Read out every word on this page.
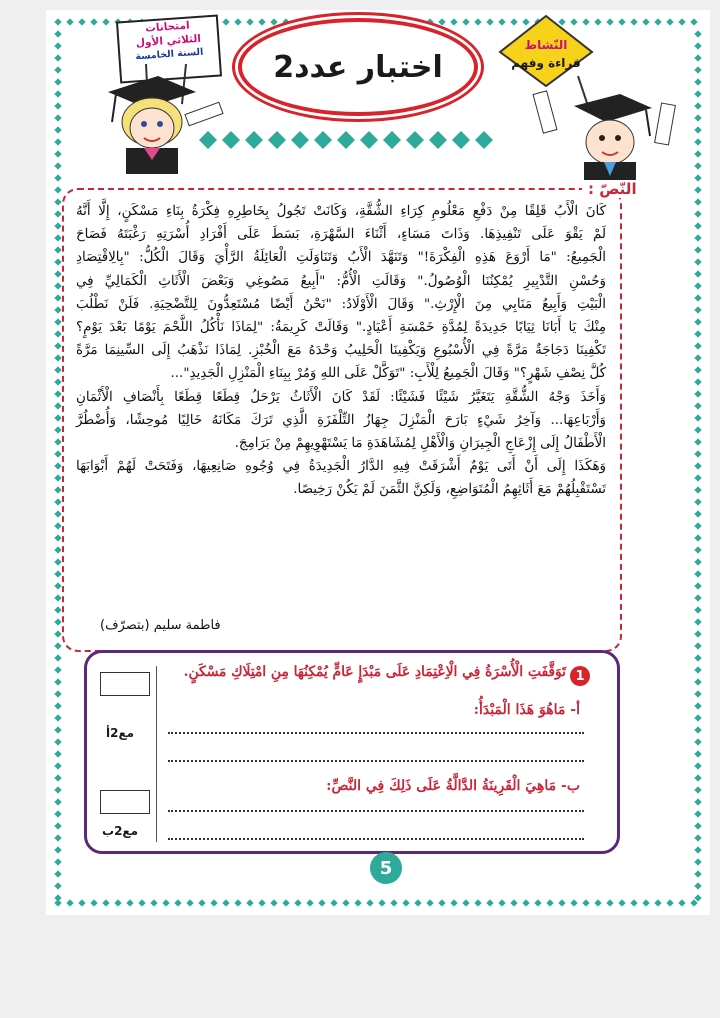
امتحانات
الثلاثي الأول
السنة الخامسة	اختبار عدد2
النّشاط
قراءة وفهم
النّصّ :

كَانَ الْأَبُ قَلِقًا مِنْ دَفْعِ مَعْلُومِ كِرَاءِ الشُّقَّةِ، وَكَانَتْ تَجُولُ بِخَاطِرِهِ فِكْرَةُ بِنَاءِ مَسْكَنٍ، إِلَّا أَنَّهُ

لَمْ يَقْوَ عَلَى تَنْفِيذِهَا. وَذَاتَ مَسَاءٍ، أَثْنَاءَ السَّهْرَةِ، بَسَطَ عَلَى أَفْرَادِ أُسْرَتِهِ رَغْبَتَهُ فَصَاحَ

الْجَمِيعُ: "مَا أَرْوَعَ هَذِهِ الْفِكْرَةَ!" وَتَنَهَّدَ الْأَبُ وَتَنَاوَلَتِ الْعَائِلَةُ الرَّأْيَ وَقَالَ الْكُلُّ: "بِالِاقْتِصَادِ

وَحُسْنِ التَّدْبِيرِ يُمْكِنُنَا الْوُصُولُ." وَقَالَتِ الْأُمُّ: "أَبِيعُ مَصُوغِي وَبَعْضَ الْأَثَاثِ الْكَمَالِيِّ فِي

الْبَيْتِ وَأَبِيعُ مَنَابِي مِنَ الْإِرْثِ." وَقَالَ الْأَوْلَادُ: "نَحْنُ أَيْضًا مُسْتَعِدُّونَ لِلتَّضْحِيَةِ. فَلَنْ نَطْلُبَ

مِنْكَ يَا أَبَانَا ثِيَابًا جَدِيدَةً لِمُدَّةِ خَمْسَةِ أَعْيَادٍ." وَقَالَتْ كَرِيمَةُ: "لِمَاذَا نَأْكُلُ اللَّحْمَ يَوْمًا بَعْدَ يَوْمٍ؟

تَكْفِينَا دَجَاجَةٌ مَرَّةً فِي الْأُسْبُوعِ وَيَكْفِينَا الْحَلِيبُ وَحْدَهُ مَعَ الْخُبْزِ. لِمَاذَا نَذْهَبُ إِلَى السِّينِمَا مَرَّةً

كُلَّ نِصْفِ شَهْرٍ؟" وَقَالَ الْجَمِيعُ لِلْأَبِ: "تَوَكَّلْ عَلَى اللهِ وَمُرْ بِبِنَاءِ الْمَنْزِلِ الْجَدِيدِ"...

وَأَخَذَ وَجْهُ الشُّقَّةِ يَتَغَيَّرُ شَيْئًا فَشَيْئًا: لَقَدْ كَانَ الْأَثَاثُ يَرْحَلُ قِطَعًا قِطَعًا بِأَنْصَافِ الْأَثْمَانِ

وَأَرْبَاعِهَا... وَآخِرُ شَيْءٍ بَارَحَ الْمَنْزِلَ جِهَازُ التِّلْفَزَةِ الَّذِي تَرَكَ مَكَانَهُ خَالِيًا مُوحِشًا، وَأُضْطُرَّ

الْأَطْفَالُ إِلَى إِزْعَاجِ الْجِيرَانِ وَالْأَهْلِ لِمُشَاهَدَةِ مَا يَسْتَهْوِيهِمْ مِنْ بَرَامِجَ.

وَهَكَذَا إِلَى أَنْ أَتَى يَوْمٌ أَشْرَقَتْ فِيهِ الدَّارُ الْجَدِيدَةُ فِي وُجُوهِ صَانِعِيهَا، وَفَتَحَتْ لَهُمْ أَبْوَابَهَا

تَسْتَقْبِلُهُمْ مَعَ أَثَاثِهِمُ الْمُتَوَاضِعِ، وَلَكِنَّ الثَّمَنَ لَمْ يَكُنْ رَخِيصًا.

فاطمة سليم (بتصرّف)
1
تَوَقَّفَتِ الْأُسْرَةُ فِي الْاِعْتِمَادِ عَلَى مَبْدَإٍ عَامٍّ يُمْكِنُهَا مِنِ امْتِلَاكِ مَسْكَنٍ.
مع2أ
مع2ب
أ- مَاهُوَ هَذَا الْمَبْدَأُ:
ب- مَاهِيَ الْقَرِينَةُ الدَّالَّةُ عَلَى ذَلِكَ فِي النَّصِّ:
5
